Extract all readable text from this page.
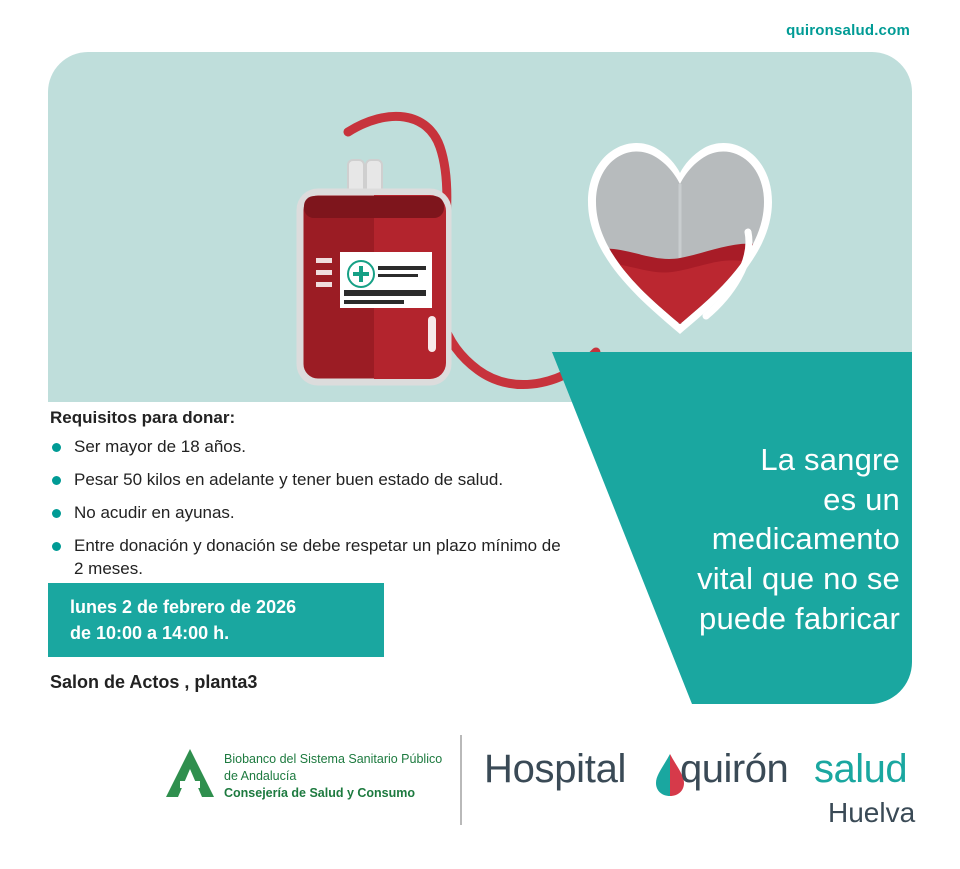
quironsalud.com
La sangre
es un
medicamento
vital que no se
puede fabricar
Requisitos para donar:
Ser mayor de 18 años.
Pesar 50 kilos en adelante y tener buen estado de salud.
No acudir en ayunas.
Entre donación y donación se debe respetar un plazo mínimo de 2 meses.
lunes 2 de febrero de 2026
de 10:00 a 14:00 h.
Salon de Actos , planta3
Biobanco del Sistema Sanitario Público
de Andalucía
Consejería de Salud y Consumo
Hospital quirón salud
Huelva
